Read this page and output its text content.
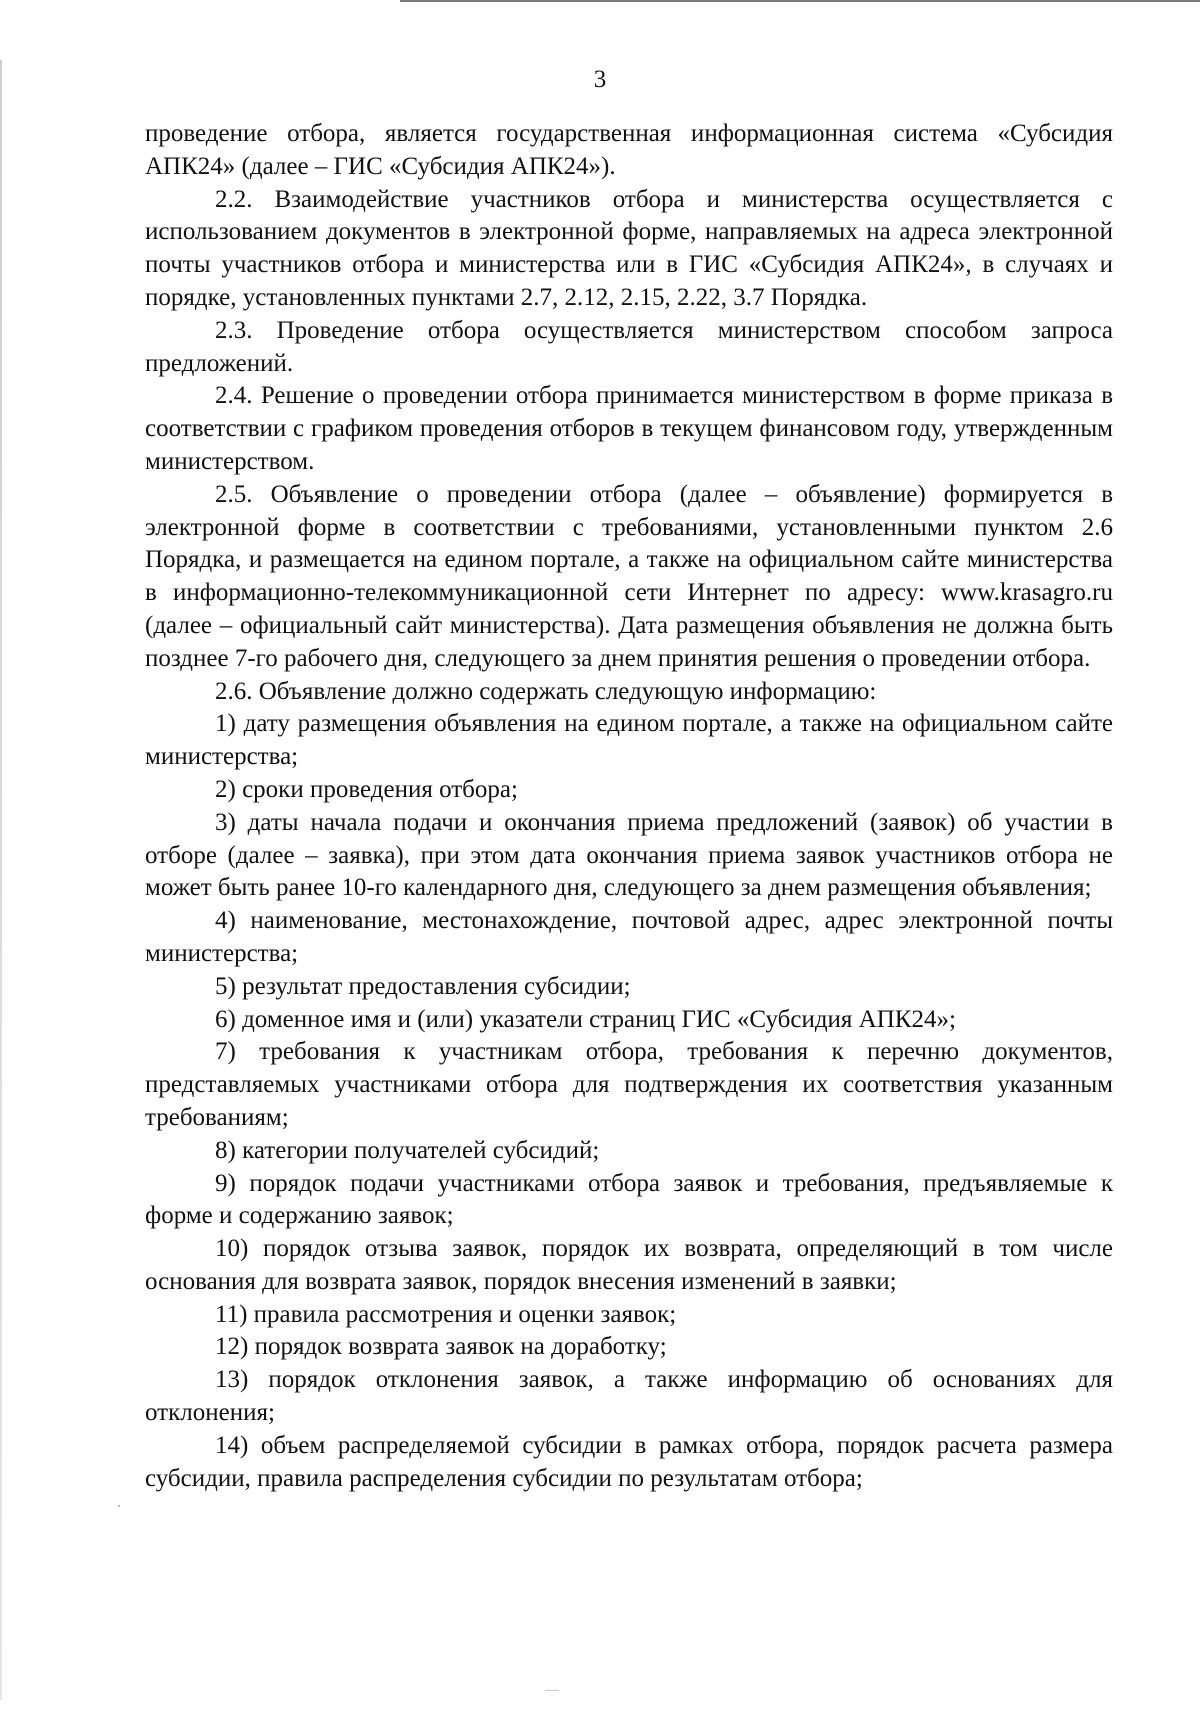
3

проведение отбора, является государственная информационная система «Субсидия АПК24» (далее – ГИС «Субсидия АПК24»).

2.2. Взаимодействие участников отбора и министерства осуществляется с использованием документов в электронной форме, направляемых на адреса электронной почты участников отбора и министерства или в ГИС «Субсидия АПК24», в случаях и порядке, установленных пунктами 2.7, 2.12, 2.15, 2.22, 3.7 Порядка.

2.3. Проведение отбора осуществляется министерством способом запроса предложений.

2.4. Решение о проведении отбора принимается министерством в форме приказа в соответствии с графиком проведения отборов в текущем финансовом году, утвержденным министерством.

2.5. Объявление о проведении отбора (далее – объявление) формируется в электронной форме в соответствии с требованиями, установленными пунктом 2.6 Порядка, и размещается на едином портале, а также на официальном сайте министерства в информационно-телекоммуникационной сети Интернет по адресу: www.krasagro.ru (далее – официальный сайт министерства). Дата размещения объявления не должна быть позднее 7-го рабочего дня, следующего за днем принятия решения о проведении отбора.

2.6. Объявление должно содержать следующую информацию:

1) дату размещения объявления на едином портале, а также на официальном сайте министерства;

2) сроки проведения отбора;

3) даты начала подачи и окончания приема предложений (заявок) об участии в отборе (далее – заявка), при этом дата окончания приема заявок участников отбора не может быть ранее 10-го календарного дня, следующего за днем размещения объявления;

4) наименование, местонахождение, почтовой адрес, адрес электронной почты министерства;

5) результат предоставления субсидии;

6) доменное имя и (или) указатели страниц ГИС «Субсидия АПК24»;

7) требования к участникам отбора, требования к перечню документов, представляемых участниками отбора для подтверждения их соответствия указанным требованиям;

8) категории получателей субсидий;

9) порядок подачи участниками отбора заявок и требования, предъявляемые к форме и содержанию заявок;

10) порядок отзыва заявок, порядок их возврата, определяющий в том числе основания для возврата заявок, порядок внесения изменений в заявки;

11) правила рассмотрения и оценки заявок;

12) порядок возврата заявок на доработку;

13) порядок отклонения заявок, а также информацию об основаниях для отклонения;

14) объем распределяемой субсидии в рамках отбора, порядок расчета размера субсидии, правила распределения субсидии по результатам отбора;
